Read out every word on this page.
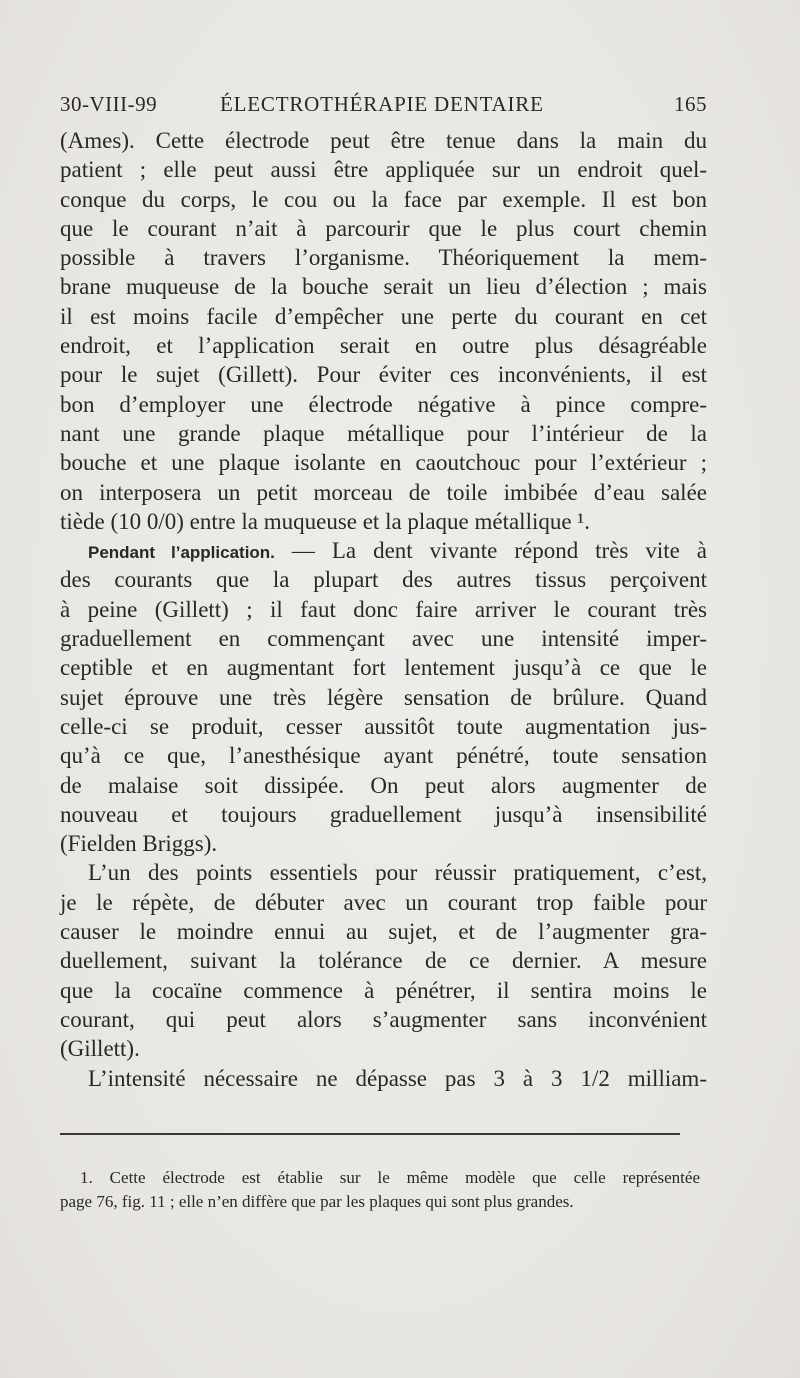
30-VIII-99	ÉLECTROTHÉRAPIE DENTAIRE	165
(Ames). Cette électrode peut être tenue dans la main du
patient ; elle peut aussi être appliquée sur un endroit quel-
conque du corps, le cou ou la face par exemple. Il est bon
que le courant n’ait à parcourir que le plus court chemin
possible à travers l’organisme. Théoriquement la mem-
brane muqueuse de la bouche serait un lieu d’élection ; mais
il est moins facile d’empêcher une perte du courant en cet
endroit, et l’application serait en outre plus désagréable
pour le sujet (Gillett). Pour éviter ces inconvénients, il est
bon d’employer une électrode négative à pince compre-
nant une grande plaque métallique pour l’intérieur de la
bouche et une plaque isolante en caoutchouc pour l’extérieur ;
on interposera un petit morceau de toile imbibée d’eau salée
tiède (10 0/0) entre la muqueuse et la plaque métallique ¹.
Pendant l’application. — La dent vivante répond très vite à
des courants que la plupart des autres tissus perçoivent
à peine (Gillett) ; il faut donc faire arriver le courant très
graduellement en commençant avec une intensité imper-
ceptible et en augmentant fort lentement jusqu’à ce que le
sujet éprouve une très légère sensation de brûlure. Quand
celle-ci se produit, cesser aussitôt toute augmentation jus-
qu’à ce que, l’anesthésique ayant pénétré, toute sensation
de malaise soit dissipée. On peut alors augmenter de
nouveau et toujours graduellement jusqu’à insensibilité
(Fielden Briggs).
L’un des points essentiels pour réussir pratiquement, c’est,
je le répète, de débuter avec un courant trop faible pour
causer le moindre ennui au sujet, et de l’augmenter gra-
duellement, suivant la tolérance de ce dernier. A mesure
que la cocaïne commence à pénétrer, il sentira moins le
courant, qui peut alors s’augmenter sans inconvénient
(Gillett).
L’intensité nécessaire ne dépasse pas 3 à 3 1/2 milliam-
1. Cette électrode est établie sur le même modèle que celle représentée
page 76, fig. 11 ; elle n’en diffère que par les plaques qui sont plus grandes.
